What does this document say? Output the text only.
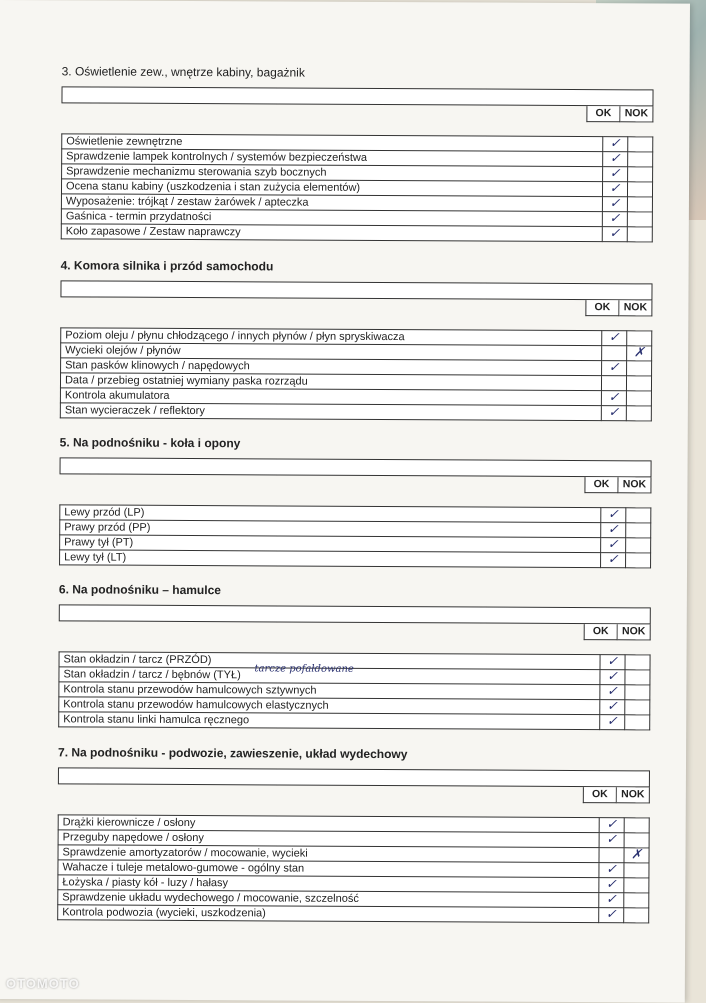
3. Oświetlenie zew., wnętrze kabiny, bagażnik
OK	NOK
Oświetlenie zewnętrzne	✓	
Sprawdzenie lampek kontrolnych / systemów bezpieczeństwa	✓	
Sprawdzenie mechanizmu sterowania szyb bocznych	✓	
Ocena stanu kabiny (uszkodzenia i stan zużycia elementów)	✓	
Wyposażenie: trójkąt / zestaw żarówek / apteczka	✓	
Gaśnica - termin przydatności	✓	
Koło zapasowe / Zestaw naprawczy	✓	
4. Komora silnika i przód samochodu
OK	NOK
Poziom oleju / płynu chłodzącego / innych płynów / płyn spryskiwacza	✓	
Wycieki olejów / płynów		✗
Stan pasków klinowych / napędowych	✓	
Data / przebieg ostatniej wymiany paska rozrządu		
Kontrola akumulatora	✓	
Stan wycieraczek / reflektory	✓	
5. Na podnośniku - koła i opony
OK	NOK
Lewy przód (LP)	✓	
Prawy przód (PP)	✓	
Prawy tył (PT)	✓	
Lewy tył (LT)	✓	
6. Na podnośniku – hamulce
OK	NOK
Stan okładzin / tarcz (PRZÓD)	✓	
Stan okładzin / tarcz / bębnów (TYŁ)	✓	
Kontrola stanu przewodów hamulcowych sztywnych	✓	
Kontrola stanu przewodów hamulcowych elastycznych	✓	
Kontrola stanu linki hamulca ręcznego	✓	
tarcze pofałdowane
7. Na podnośniku - podwozie, zawieszenie, układ wydechowy
OK	NOK
Drążki kierownicze / osłony	✓	
Przeguby napędowe / osłony	✓	
Sprawdzenie amortyzatorów / mocowanie, wycieki		✗
Wahacze i tuleje metalowo-gumowe - ogólny stan	✓	
Łożyska / piasty kół - luzy / hałasy	✓	
Sprawdzenie układu wydechowego / mocowanie, szczelność	✓	
Kontrola podwozia (wycieki, uszkodzenia)	✓	
OTOMOTO
